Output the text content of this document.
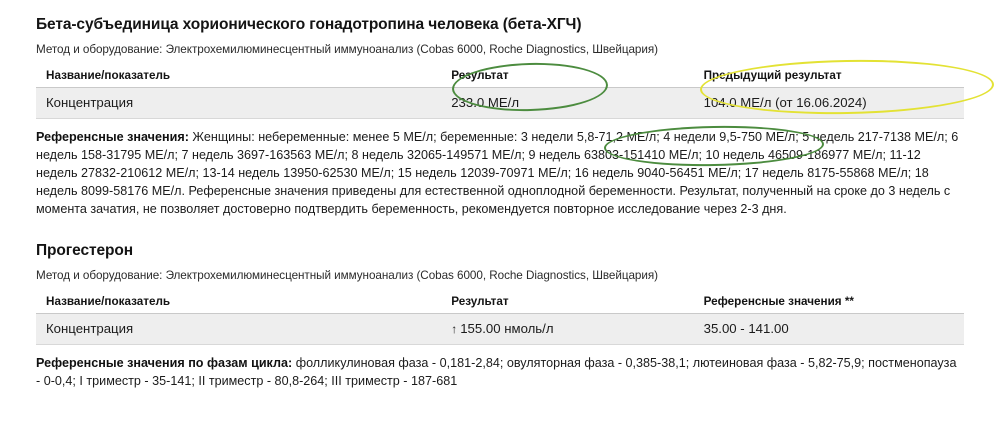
Бета-субъединица хорионического гонадотропина человека (бета-ХГЧ)
Метод и оборудование: Электрохемилюминесцентный иммуноанализ (Cobas 6000, Roche Diagnostics, Швейцария)
Название/показатель	Результат	Предыдущий результат
Концентрация	233.0 МЕ/л	104.0 МЕ/л (от 16.06.2024)
Референсные значения: Женщины: небеременные: менее 5 МЕ/л; беременные: 3 недели 5,8-71,2 МЕ/л; 4 недели 9,5-750 МЕ/л; 5 недель 217-7138 МЕ/л; 6 недель 158-31795 МЕ/л; 7 недель 3697-163563 МЕ/л; 8 недель 32065-149571 МЕ/л; 9 недель 63803-151410 МЕ/л; 10 недель 46509-186977 МЕ/л; 11-12 недель 27832-210612 МЕ/л; 13-14 недель 13950-62530 МЕ/л; 15 недель 12039-70971 МЕ/л; 16 недель 9040-56451 МЕ/л; 17 недель 8175-55868 МЕ/л; 18 недель 8099-58176 МЕ/л. Референсные значения приведены для естественной одноплодной беременности. Результат, полученный на сроке до 3 недель с момента зачатия, не позволяет достоверно подтвердить беременность, рекомендуется повторное исследование через 2-3 дня.
Прогестерон
Метод и оборудование: Электрохемилюминесцентный иммуноанализ (Cobas 6000, Roche Diagnostics, Швейцария)
Название/показатель	Результат	Референсные значения **
Концентрация	↑ 155.00 нмоль/л	35.00 - 141.00
Референсные значения по фазам цикла: фолликулиновая фаза - 0,181-2,84; овуляторная фаза - 0,385-38,1; лютеиновая фаза - 5,82-75,9; постменопауза - 0-0,4; I триместр - 35-141; II триместр - 80,8-264; III триместр - 187-681
